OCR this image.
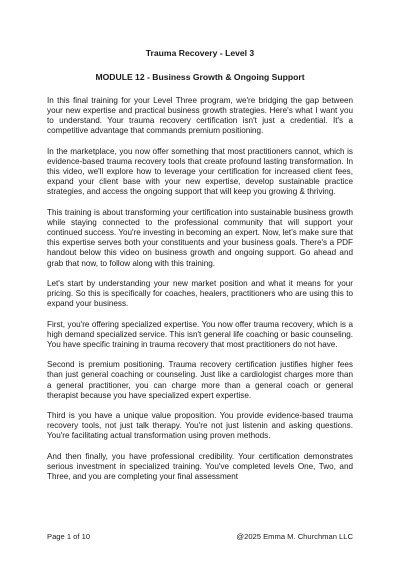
Trauma Recovery - Level 3
MODULE 12 - Business Growth & Ongoing Support

In this final training for your Level Three program, we're bridging the gap between your new expertise and practical business growth strategies. Here's what I want you to understand. Your trauma recovery certification isn't just a credential. It's a competitive advantage that commands premium positioning.

In the marketplace, you now offer something that most practitioners cannot, which is evidence-based trauma recovery tools that create profound lasting transformation. In this video, we'll explore how to leverage your certification for increased client fees, expand your client base with your new expertise, develop sustainable practice strategies, and access the ongoing support that will keep you growing & thriving.

This training is about transforming your certification into sustainable business growth while staying connected to the professional community that will support your continued success. You're investing in becoming an expert. Now, let's make sure that this expertise serves both your constituents and your business goals. There's a PDF handout below this video on business growth and ongoing support. Go ahead and grab that now, to follow along with this training.

Let's start by understanding your new market position and what it means for your pricing. So this is specifically for coaches, healers, practitioners who are using this to expand your business.

First, you're offering specialized expertise. You now offer trauma recovery, which is a high demand specialized service. This isn't general life coaching or basic counseling. You have specific training in trauma recovery that most practitioners do not have.

Second is premium positioning. Trauma recovery certification justifies higher fees than just general coaching or counseling. Just like a cardiologist charges more than a general practitioner, you can charge more than a general coach or general therapist because you have specialized expert expertise.

Third is you have a unique value proposition. You provide evidence-based trauma recovery tools, not just talk therapy. You're not just listenin and asking questions. You're facilitating actual transformation using proven methods.

And then finally, you have professional credibility. Your certification demonstrates serious investment in specialized training. You've completed levels One, Two, and Three, and you are completing your final assessment

Page 1 of 10	@2025 Emma M. Churchman LLC
